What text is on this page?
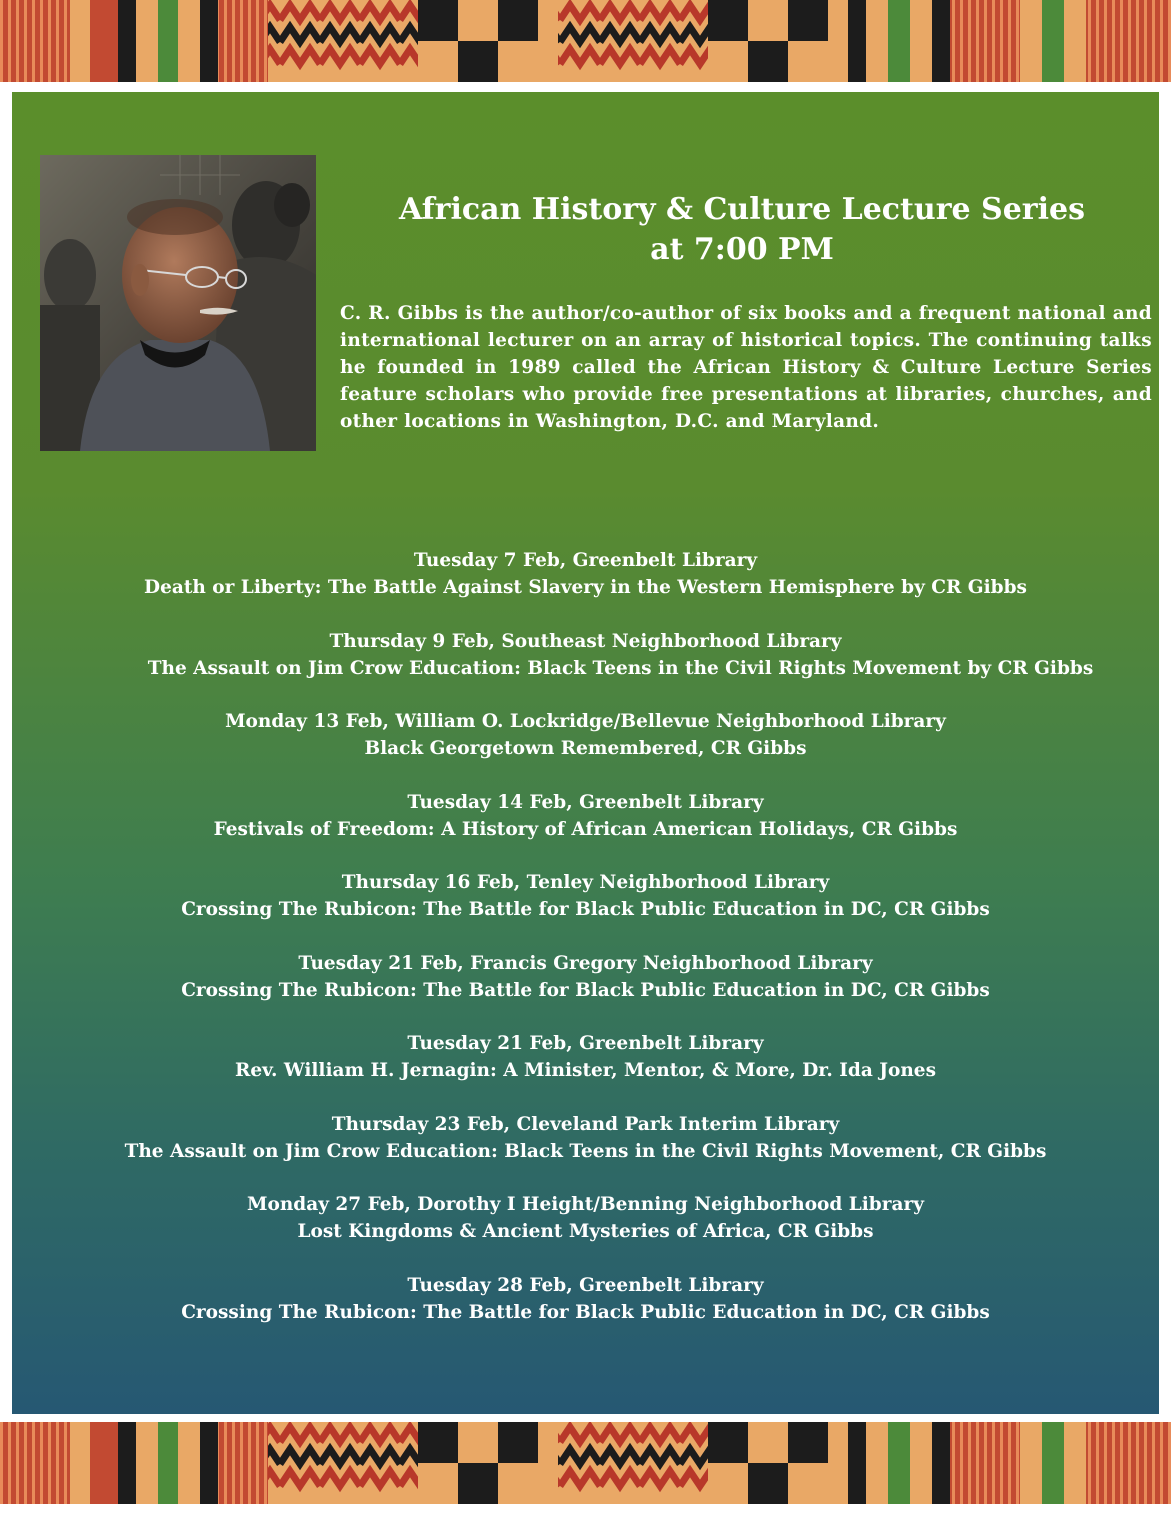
African History & Culture Lecture Series
at 7:00 PM
C. R. Gibbs is the author/co-author of six books and a frequent national and international lecturer on an array of historical topics. The continuing talks he founded in 1989 called the African History & Culture Lecture Series feature scholars who provide free presentations at libraries, churches, and other locations in Washington, D.C. and Maryland.
Tuesday 7 Feb, Greenbelt Library
Death or Liberty: The Battle Against Slavery in the Western Hemisphere by CR Gibbs
Thursday 9 Feb, Southeast Neighborhood Library
The Assault on Jim Crow Education: Black Teens in the Civil Rights Movement by CR Gibbs
Monday 13 Feb, William O. Lockridge/Bellevue Neighborhood Library
Black Georgetown Remembered, CR Gibbs
Tuesday 14 Feb, Greenbelt Library
Festivals of Freedom: A History of African American Holidays, CR Gibbs
Thursday 16 Feb, Tenley Neighborhood Library
Crossing The Rubicon: The Battle for Black Public Education in DC, CR Gibbs
Tuesday 21 Feb, Francis Gregory Neighborhood Library
Crossing The Rubicon: The Battle for Black Public Education in DC, CR Gibbs
Tuesday 21 Feb, Greenbelt Library
Rev. William H. Jernagin: A Minister, Mentor, & More, Dr. Ida Jones
Thursday 23 Feb, Cleveland Park Interim Library
The Assault on Jim Crow Education: Black Teens in the Civil Rights Movement, CR Gibbs
Monday 27 Feb, Dorothy I Height/Benning Neighborhood Library
Lost Kingdoms & Ancient Mysteries of Africa, CR Gibbs
Tuesday 28 Feb, Greenbelt Library
Crossing The Rubicon: The Battle for Black Public Education in DC, CR Gibbs
